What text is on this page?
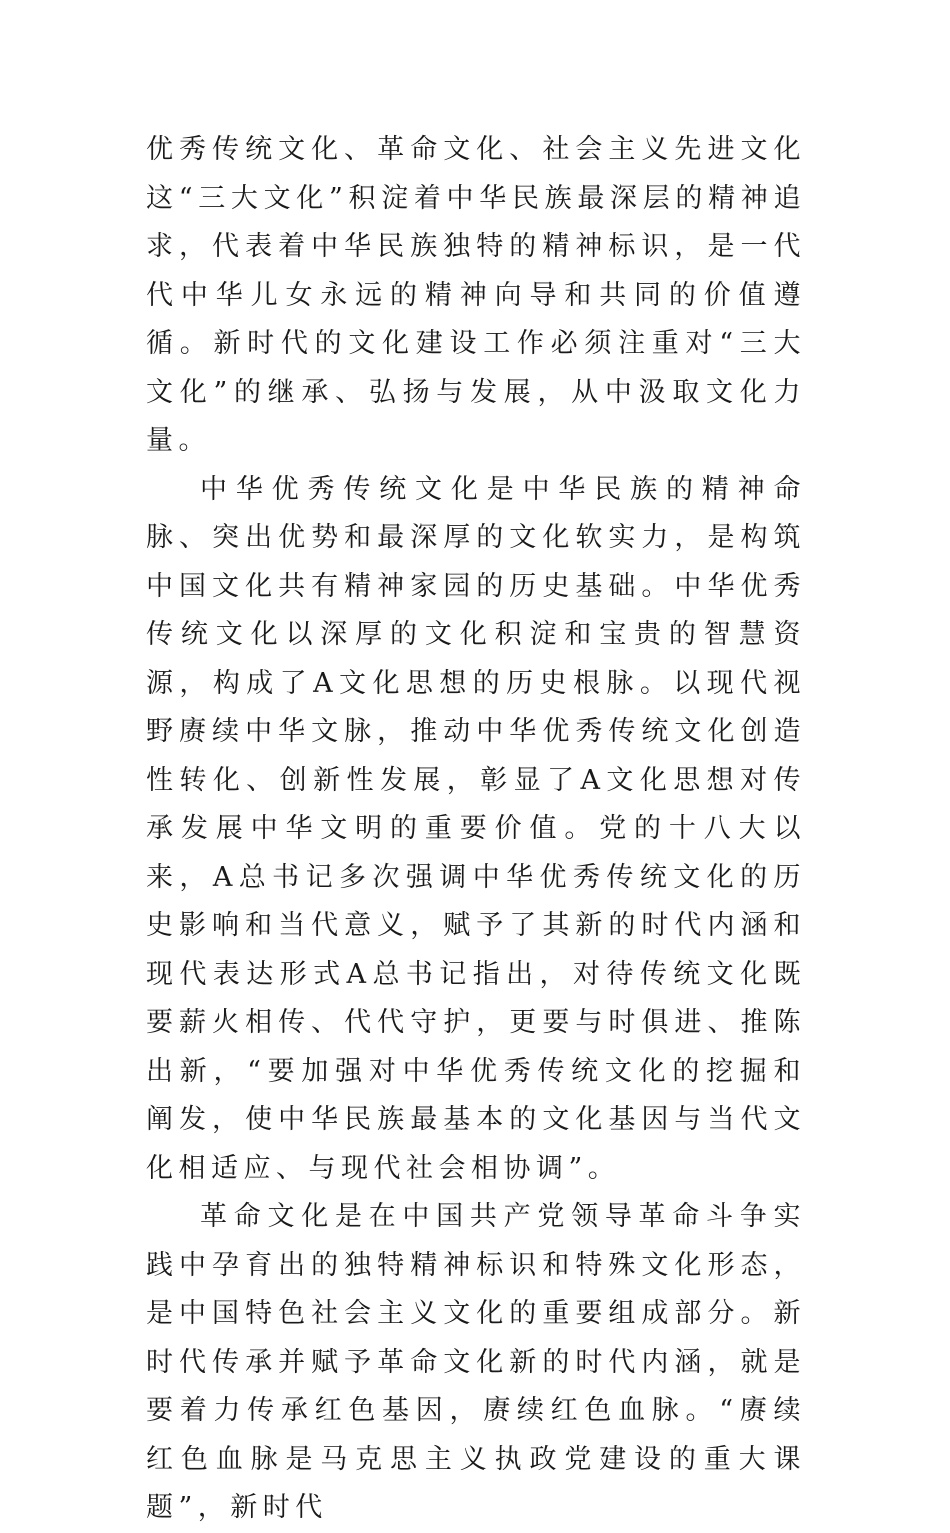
优秀传统文化、革命文化、社会主义先进文化这“三大文化”积淀着中华民族最深层的精神追求，代表着中华民族独特的精神标识，是一代代中华儿女永远的精神向导和共同的价值遵循。新时代的文化建设工作必须注重对“三大文化”的继承、弘扬与发展，从中汲取文化力量。

中华优秀传统文化是中华民族的精神命脉、突出优势和最深厚的文化软实力，是构筑中国文化共有精神家园的历史基础。中华优秀传统文化以深厚的文化积淀和宝贵的智慧资源，构成了A文化思想的历史根脉。以现代视野赓续中华文脉，推动中华优秀传统文化创造性转化、创新性发展，彰显了A文化思想对传承发展中华文明的重要价值。党的十八大以来，A总书记多次强调中华优秀传统文化的历史影响和当代意义，赋予了其新的时代内涵和现代表达形式A总书记指出，对待传统文化既要薪火相传、代代守护，更要与时俱进、推陈出新，“要加强对中华优秀传统文化的挖掘和阐发，使中华民族最基本的文化基因与当代文化相适应、与现代社会相协调”。

革命文化是在中国共产党领导革命斗争实践中孕育出的独特精神标识和特殊文化形态，是中国特色社会主义文化的重要组成部分。新时代传承并赋予革命文化新的时代内涵，就是要着力传承红色基因，赓续红色血脉。“赓续红色血脉是马克思主义执政党建设的重大课题”，新时代
